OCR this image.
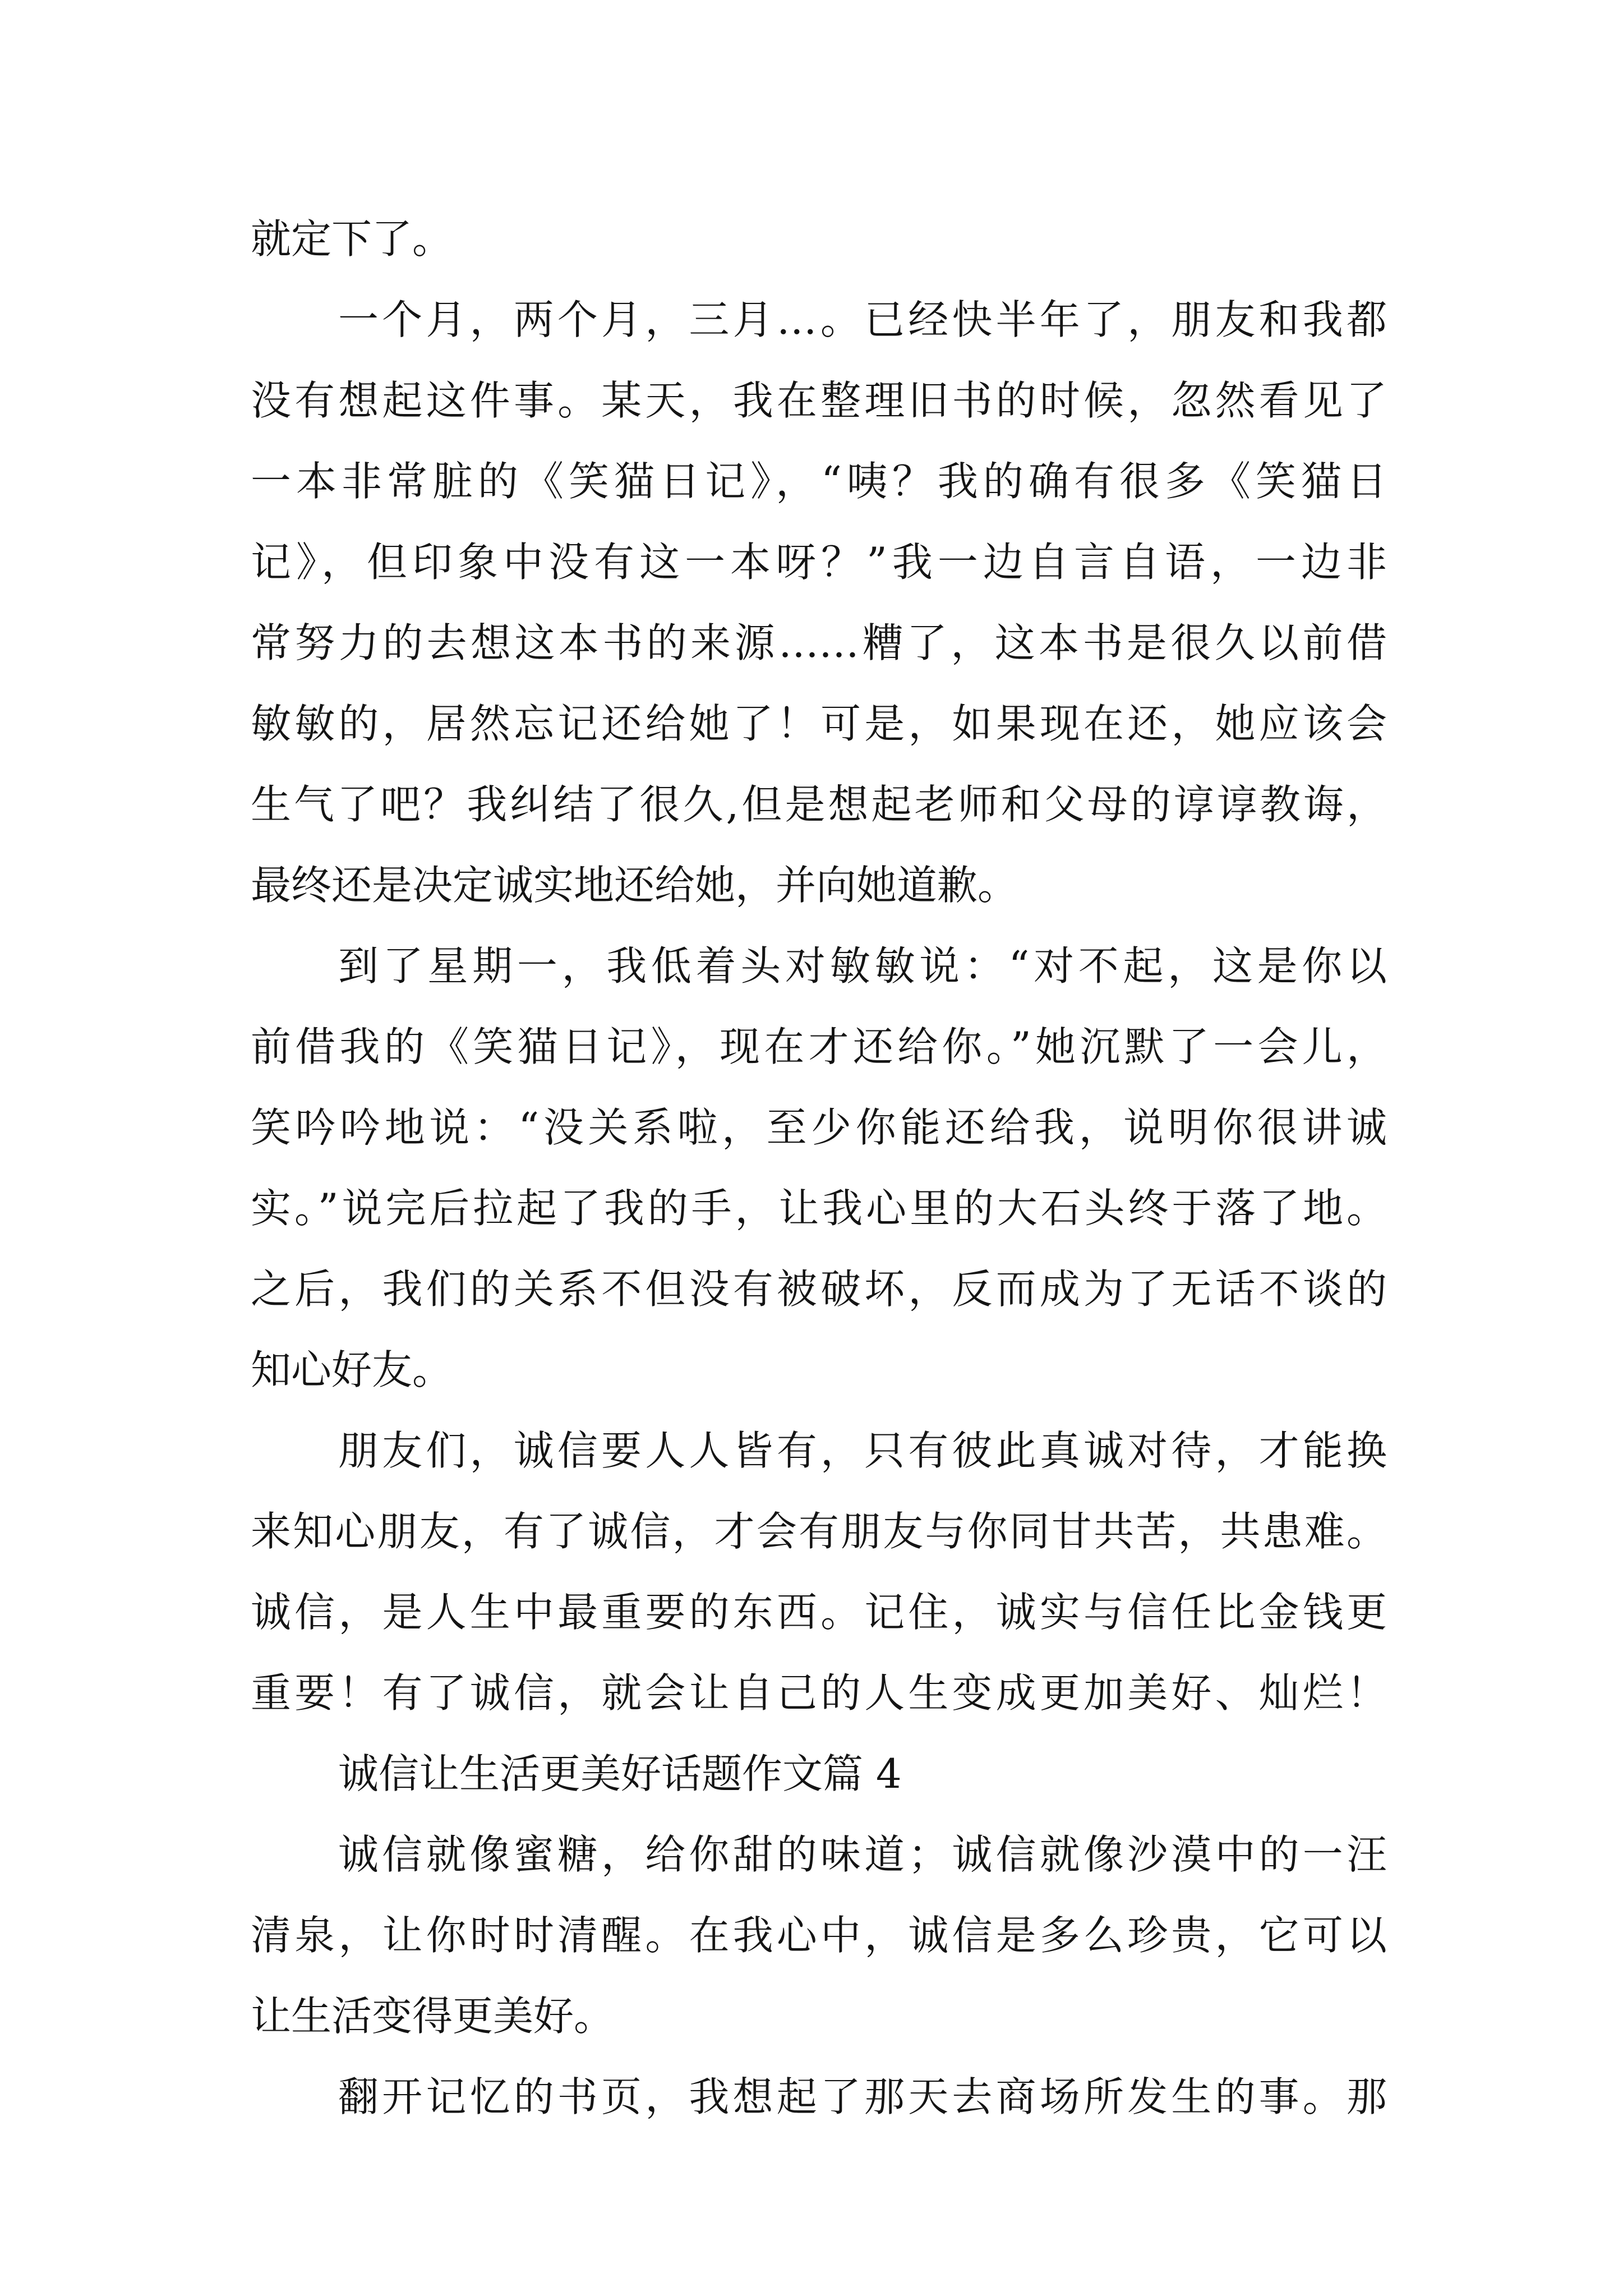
就定下了。
一个月，两个月，三月…。已经快半年了，朋友和我都
没有想起这件事。某天，我在整理旧书的时候，忽然看见了
一本非常脏的《笑猫日记》，“咦？我的确有很多《笑猫日
记》，但印象中没有这一本呀？”我一边自言自语，一边非
常努力的去想这本书的来源……糟了，这本书是很久以前借
敏敏的，居然忘记还给她了！可是，如果现在还，她应该会
生气了吧？我纠结了很久,但是想起老师和父母的谆谆教诲，
最终还是决定诚实地还给她，并向她道歉。
到了星期一，我低着头对敏敏说：“对不起，这是你以
前借我的《笑猫日记》，现在才还给你。”她沉默了一会儿，
笑吟吟地说：“没关系啦，至少你能还给我，说明你很讲诚
实。”说完后拉起了我的手，让我心里的大石头终于落了地。
之后，我们的关系不但没有被破坏，反而成为了无话不谈的
知心好友。
朋友们，诚信要人人皆有，只有彼此真诚对待，才能换
来知心朋友，有了诚信，才会有朋友与你同甘共苦，共患难。
诚信，是人生中最重要的东西。记住，诚实与信任比金钱更
重要！有了诚信，就会让自己的人生变成更加美好、灿烂！
诚信让生活更美好话题作文篇 4
诚信就像蜜糖，给你甜的味道；诚信就像沙漠中的一汪
清泉，让你时时清醒。在我心中，诚信是多么珍贵，它可以
让生活变得更美好。
翻开记忆的书页，我想起了那天去商场所发生的事。那
